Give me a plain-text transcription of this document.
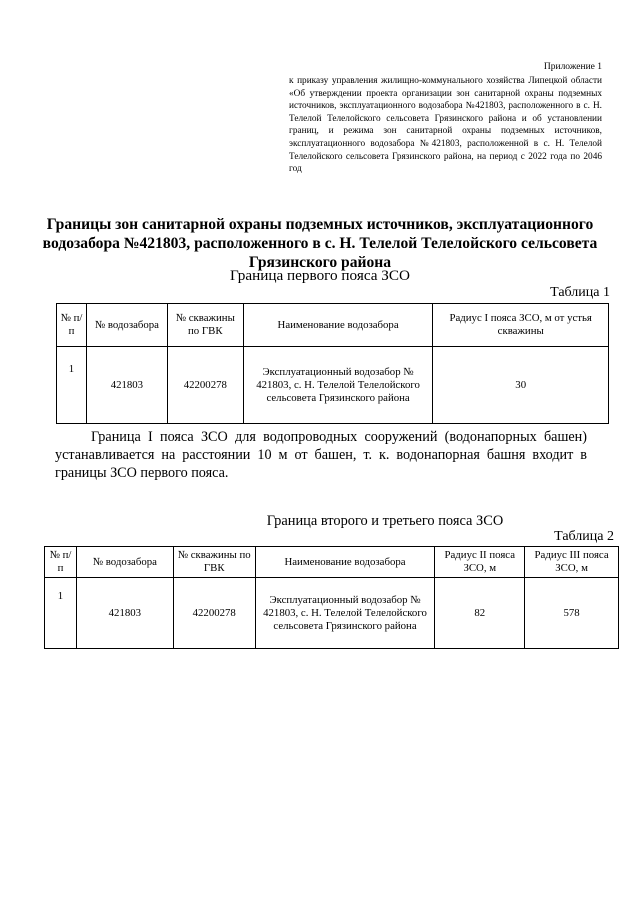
Приложение 1
к приказу управления жилищно-коммунального хозяйства Липецкой области «Об утверждении проекта организации зон санитарной охраны подземных источников, эксплуатационного водозабора №421803, расположенного в с. Н. Телелой Телелойского сельсовета Грязинского района и об установлении границ, и режима зон санитарной охраны подземных источников, эксплуатационного водозабора №421803, расположенной в с. Н. Телелой Телелойского сельсовета Грязинского района, на период с 2022 года по 2046 год
Границы зон санитарной охраны подземных источников, эксплуатационного водозабора №421803, расположенного в с. Н. Телелой Телелойского сельсовета Грязинского района
Граница первого пояса ЗСО
Таблица 1
№ п/п	№ водозабора	№ скважины по ГВК	Наименование водозабора	Радиус I пояса ЗСО, м от устья скважины
1	421803	42200278	Эксплуатационный водозабор № 421803, с. Н. Телелой Телелойского сельсовета Грязинского района	30
Граница I пояса ЗСО для водопроводных сооружений (водонапорных башен) устанавливается на расстоянии 10 м от башен, т. к. водонапорная башня входит в границы ЗСО первого пояса.
Граница второго и третьего пояса ЗСО
Таблица 2
№ п/п	№ водозабора	№ скважины по ГВК	Наименование водозабора	Радиус II пояса ЗСО, м	Радиус III пояса ЗСО, м
1	421803	42200278	Эксплуатационный водозабор № 421803, с. Н. Телелой Телелойского сельсовета Грязинского района	82	578
